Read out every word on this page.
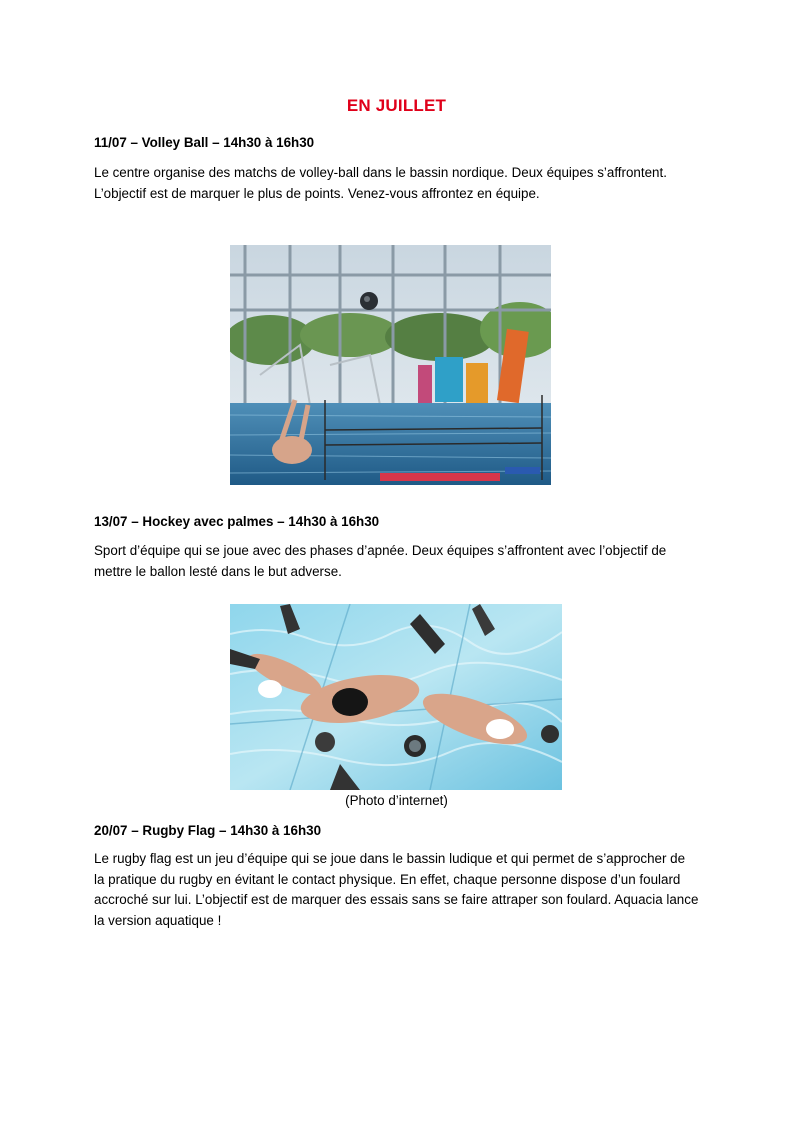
EN JUILLET
11/07 – Volley Ball – 14h30 à 16h30
Le centre organise des matchs de volley-ball dans le bassin nordique. Deux équipes s’affrontent.
L’objectif est de marquer le plus de points. Venez-vous affrontez en équipe.
13/07 – Hockey avec palmes – 14h30 à 16h30
Sport d’équipe qui se joue avec des phases d’apnée. Deux équipes s’affrontent avec l’objectif de
mettre le ballon lesté dans le but adverse.
(Photo d’internet)
20/07 – Rugby Flag – 14h30 à 16h30
Le rugby flag est un jeu d’équipe qui se joue dans le bassin ludique et qui permet de s’approcher de
la pratique du rugby en évitant le contact physique. En effet, chaque personne dispose d’un foulard
accroché sur lui. L’objectif est de marquer des essais sans se faire attraper son foulard. Aquacia lance
la version aquatique !
